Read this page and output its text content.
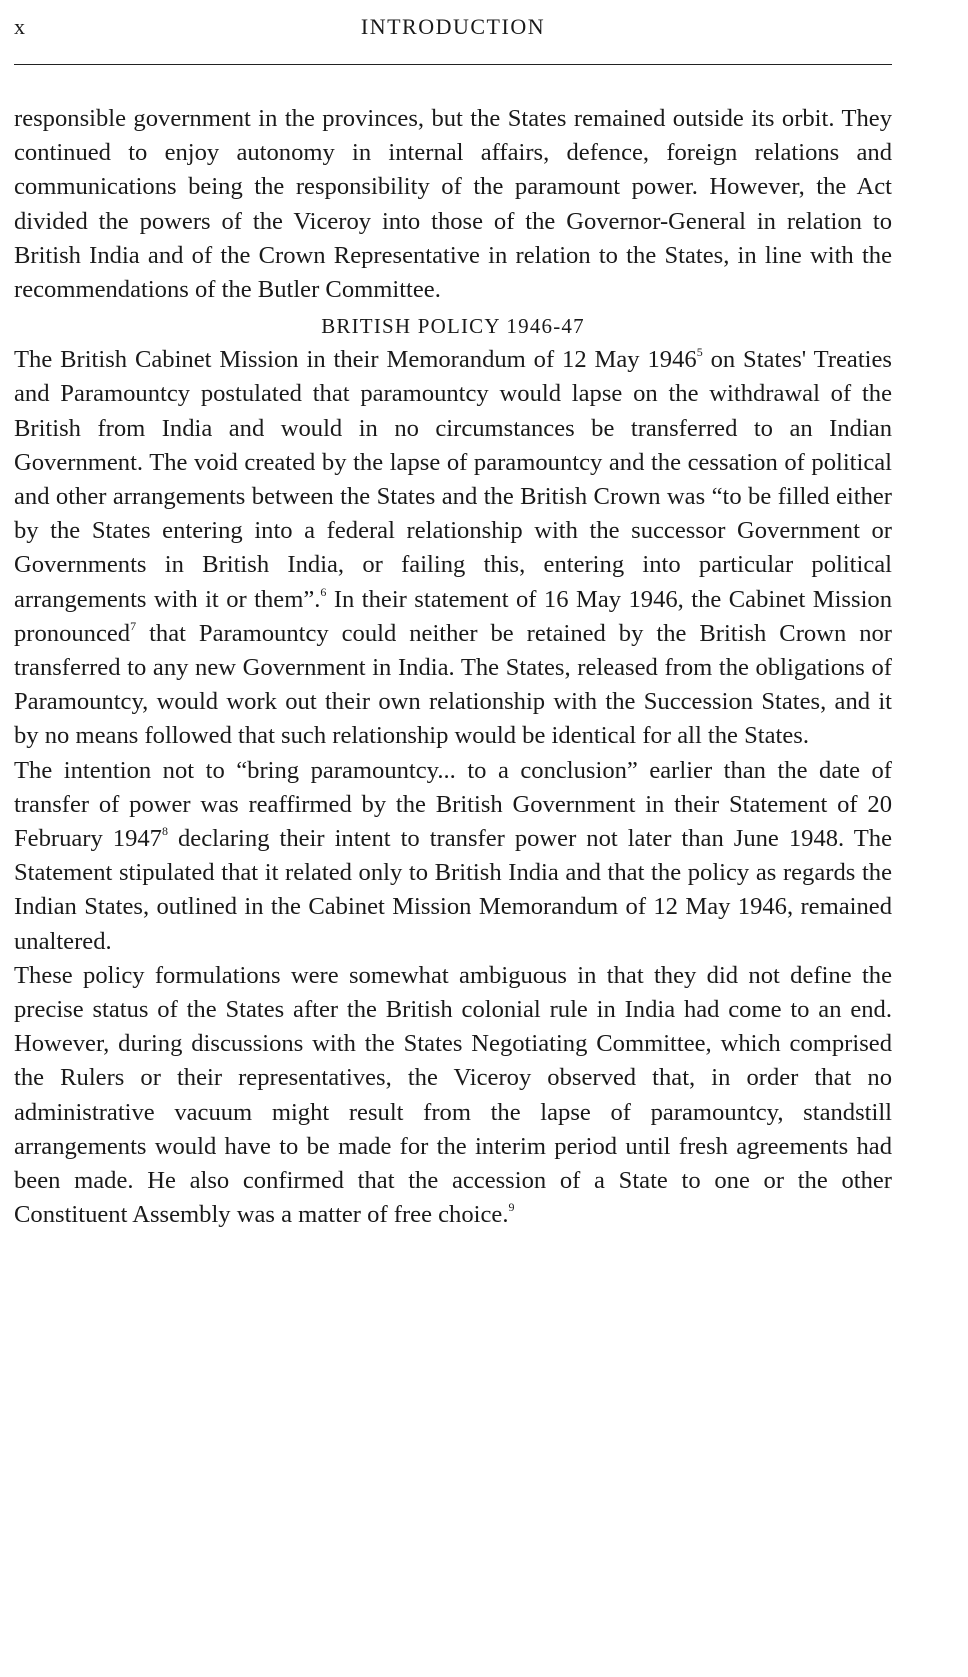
x	INTRODUCTION

responsible government in the provinces, but the States remained outside its orbit. They continued to enjoy autonomy in internal affairs, defence, foreign relations and communications being the responsibility of the paramount power. However, the Act divided the powers of the Viceroy into those of the Governor-General in relation to British India and of the Crown Representative in relation to the States, in line with the recommendations of the Butler Committee.

BRITISH POLICY 1946-47

The British Cabinet Mission in their Memorandum of 12 May 1946$^5$ on States' Treaties and Paramountcy postulated that paramountcy would lapse on the withdrawal of the British from India and would in no circumstances be transferred to an Indian Government. The void created by the lapse of paramountcy and the cessation of political and other arrangements between the States and the British Crown was “to be filled either by the States entering into a federal relationship with the successor Government or Governments in British India, or failing this, entering into particular political arrangements with it or them”.$^6$ In their statement of 16 May 1946, the Cabinet Mission pronounced$^7$ that Paramountcy could neither be retained by the British Crown nor transferred to any new Government in India. The States, released from the obligations of Paramountcy, would work out their own relationship with the Succession States, and it by no means followed that such relationship would be identical for all the States.

The intention not to “bring paramountcy... to a conclusion” earlier than the date of transfer of power was reaffirmed by the British Government in their Statement of 20 February 1947$^8$ declaring their intent to transfer power not later than June 1948. The Statement stipulated that it related only to British India and that the policy as regards the Indian States, outlined in the Cabinet Mission Memorandum of 12 May 1946, remained unaltered.

These policy formulations were somewhat ambiguous in that they did not define the precise status of the States after the British colonial rule in India had come to an end. However, during discussions with the States Negotiating Committee, which comprised the Rulers or their representatives, the Viceroy observed that, in order that no administrative vacuum might result from the lapse of paramountcy, standstill arrangements would have to be made for the interim period until fresh agreements had been made. He also confirmed that the accession of a State to one or the other Constituent Assembly was a matter of free choice.$^9$
